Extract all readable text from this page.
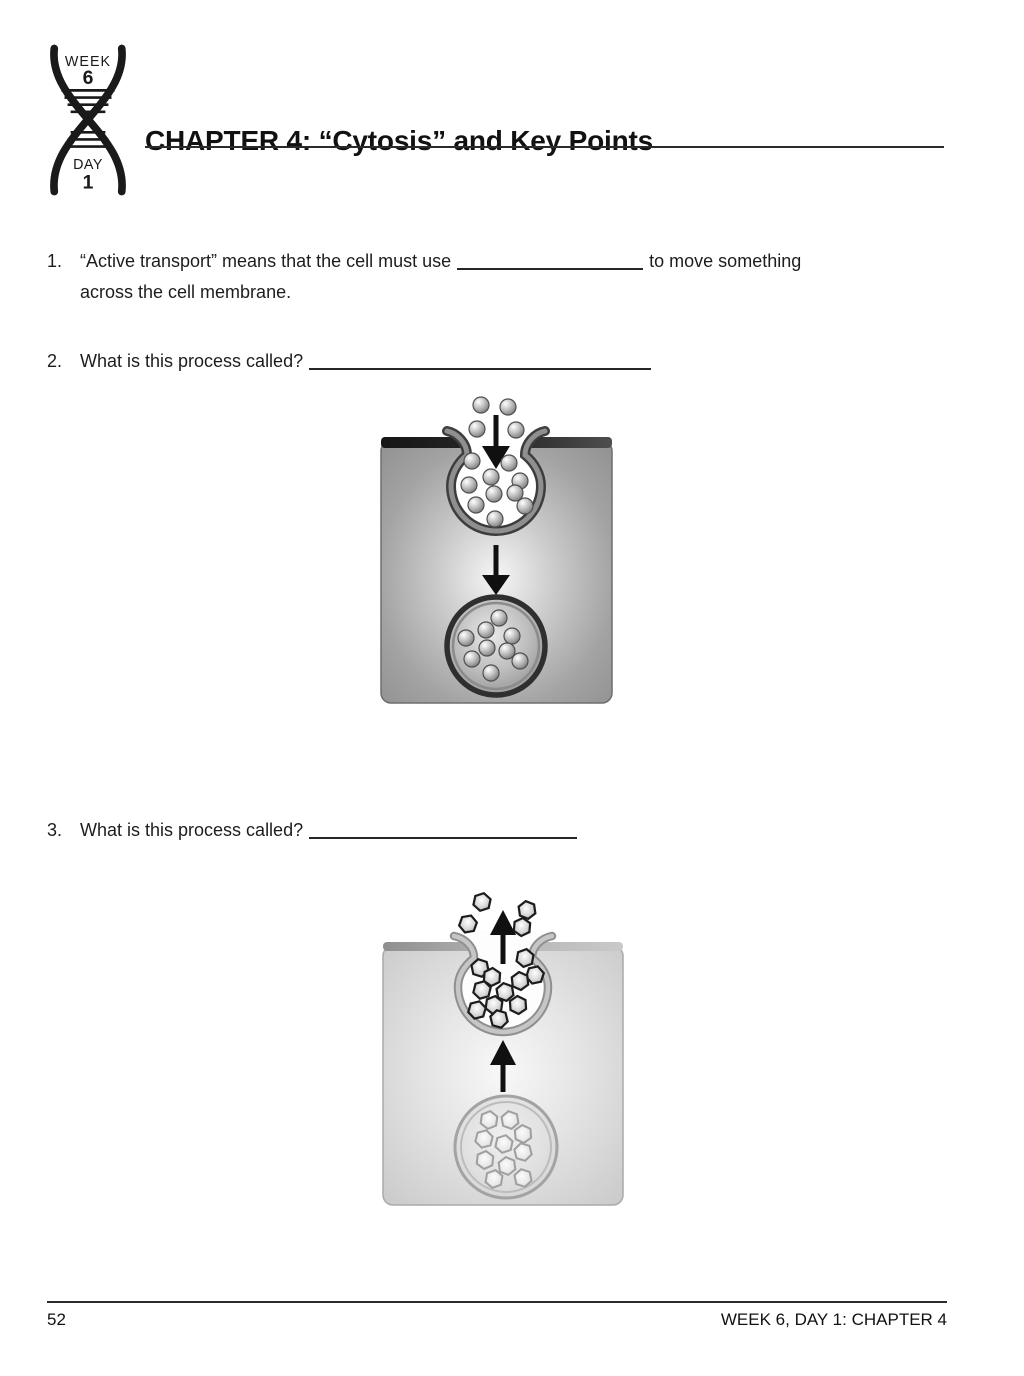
WEEK
6
DAY
1
CHAPTER 4: “Cytosis” and Key Points
1. “Active transport” means that the cell must use	to move something
across the cell membrane.
2. What is this process called?
3. What is this process called?
52	WEEK 6, DAY 1: CHAPTER 4
